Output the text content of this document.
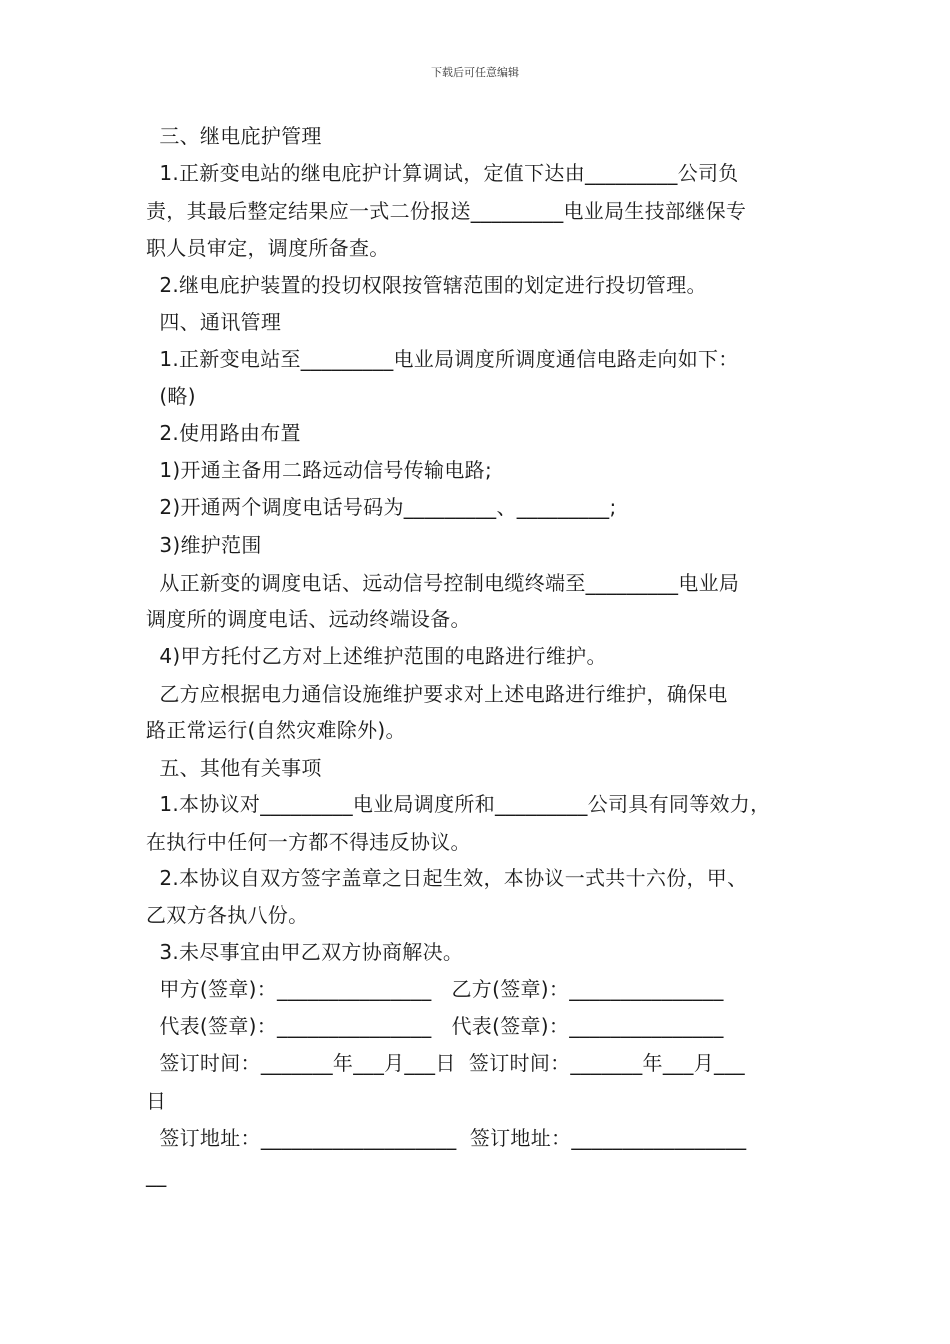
下载后可任意编辑
三、继电庇护管理
1.正新变电站的继电庇护计算调试，定值下达由_________公司负
责，其最后整定结果应一式二份报送_________电业局生技部继保专
职人员审定，调度所备查。
2.继电庇护装置的投切权限按管辖范围的划定进行投切管理。
四、通讯管理
1.正新变电站至_________电业局调度所调度通信电路走向如下：
(略)
2.使用路由布置
1)开通主备用二路远动信号传输电路;
2)开通两个调度电话号码为_________、_________;
3)维护范围
从正新变的调度电话、远动信号控制电缆终端至_________电业局
调度所的调度电话、远动终端设备。
4)甲方托付乙方对上述维护范围的电路进行维护。
乙方应根据电力通信设施维护要求对上述电路进行维护，确保电
路正常运行(自然灾难除外)。
五、其他有关事项
1.本协议对_________电业局调度所和_________公司具有同等效力，
在执行中任何一方都不得违反协议。
2.本协议自双方签字盖章之日起生效，本协议一式共十六份，甲、
乙双方各执八份。
3.未尽事宜由甲乙双方协商解决。
甲方(签章)：_______________   乙方(签章)：_______________
代表(签章)：_______________   代表(签章)：_______________
签订时间：_______年___月___日  签订时间：_______年___月___
日
签订地址：___________________  签订地址：_________________
__
